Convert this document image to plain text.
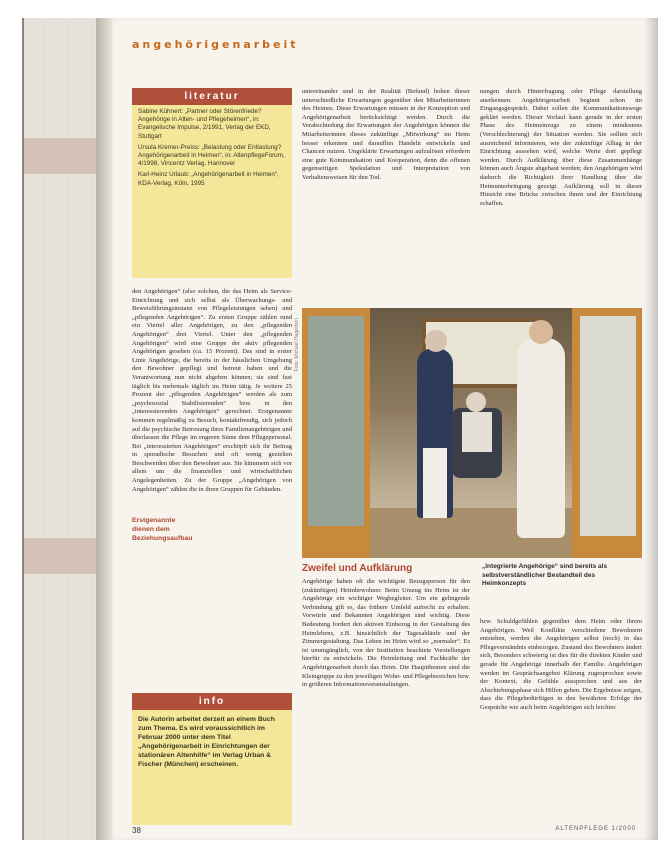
angehörigenarbeit
literatur
Sabine Kühnert: „Partner oder Störenfriede? Angehörige in Alten- und Pflegeheimen“, in: Evangelische Impulse, 2/1991, Verlag der EKD, Stuttgart
Ursula Kremer-Preiss: „Belastung oder Entlastung? Angehörigenarbeit in Heimen“, in: AltenpflegeForum, 4/1998, Vincentz Verlag, Hannover
Karl-Heinz Urlaub: „Angehörigenarbeit in Heimen“, KDA-Verlag, Köln, 1995
den Angehörigen“ (also solchen, die das Heim als Service-Einrichtung und sich selbst als Überwachungs- und Beweisführungsinstanz von Pflegeleistungen sehen) und „pflegenden Angehörigen“. Zu ersten Gruppe zählen rund ein Viertel aller Angehörigen, zu den „pflegenden Angehörigen“ drei Viertel. Unter den „pflegenden Angehörigen“ wird eine Gruppe der aktiv pflegenden Angehörigen gesehen (ca. 15 Prozent). Das sind in erster Linie Angehörige, die bereits in der häuslichen Umgebung den Bewohner gepflegt und betreut haben und die Verantwortung nun nicht abgeben können; sie sind fast täglich bis mehrmals täglich im Heim tätig. Je weitere 25 Prozent der „pflegenden Angehörigen“ werden als zum „psychosozial Stabilisierenden“ bzw. in den „interessierenden Angehörigen“ gerechnet. Erstgenannte kommen regelmäßig zu Besuch, kontaktfreudig, sich jedoch auf die psychische Betreuung ihres Familienangehörigen und überlassen die Pflege im engeren Sinne dem Pflegepersonal. Bei „interessierten Angehörigen“ erschöpft sich ihr Beitrag in sporadische Besuchen und oft wenig gezielten Beschwerden über den Bewohner aus. Sie kümmern sich vor allem um die finanziellen und wirtschaftlichen Angelegenheiten. Zu der Gruppe „Angehörigen von Angehörigen“ zählen die in ihren Gruppen für Gebäuden.
Erstgenannte dienen dem Beziehungsaufbau
untereinander sind in der Realität (Befund) hohen dieser unterschiedliche Erwartungen gegenüber den Mitarbeiterinnen des Heimes. Diese Erwartungen müssen in der Konzeption und Angehörigenarbeit berücksichtigt werden. Durch die Verabschiedung der Erwartungen der Angehörigen können die Mitarbeiterinnen dieses zukünftige „Mitwirkung“ im Heim besser erkennen und daraufhin Handeln entwickeln und Chancen nutzen. Ungeklärte Erwartungen aufzulösen erfordern eine gute Kommunikation und Kooperation, denn die offenen gegenseitigen Spekulation und Interpretation von Verhaltensweisen für den Tod.
nungen durch Hinterfragung oder Pflege darstellung anerkennen. Angehörigenarbeit beginnt schon im Eingangsgespräch. Dabei sollen die Kommunikationswege geklärt werden. Dieser Vorlauf kann gerade in der ersten Phase des Heimeinzugs zu einem mindestens (Verschlechterung) der Situation werden. Sie sollten sich ausreichend informieren, wie der zukünftige Alltag in der Einrichtung aussehen wird, welche Werte dort gepflegt werden. Durch Aufklärung über diese Zusammenhänge können auch Ängste abgebaut werden; den Angehörigen wird dadurch die Richtigkeit ihrer Handlung über die Heimunterbringung gezeigt. Aufklärung soll in dieser Hinsicht eine Brücke zwischen ihnen und der Einrichtung schaffen.
Foto: Michael Hagedorn
Zweifel und Aufklärung	„Integrierte Angehörige“ sind bereits als selbstverständlicher Bestandteil des Heimkonzepts
Angehörige haben oft die wichtigste Bezugsperson für den (zukünftigen) Heimbewohner. Beim Umzug ins Heim ist der Angehörige ein wichtiger Wegbegleiter. Um ein gelingende Verbindung gilt es, das frühere Umfeld aufrecht zu erhalten. Vorwürfe und Bekannten Angehörigen sind wichtig. Diese Bedeutung fordert den aktiven Einbezug in der Gestaltung des Heimlebens, z.B. hinsichtlich der Tagesabläufe und der Zimmergestaltung. Das Leben im Heim wird so „normaler“. Es ist unumgänglich, von der Institution beachtete Vorstellungen hierfür zu entwickeln. Die Heimleitung und Fachkräfte der Angehörigenarbeit durch das Heim. Die Hauptthemen sind die Kleingruppe zu den jeweiligen Wohn- und Pflegebereichen bzw. in größeren Informationsveranstaltungen.
bzw. Schuldgefühlen gegenüber dem Heim oder ihrem Angehörigen. Weil Konflikte verschiedene Bewohnern entstehen, werden die Angehörigen selbst (noch) in das Pflegeverständnis einbezogen. Zustand des Bewohners ändert sich, Besonders schwierig ist dies für die direkten Kinder und gerade für Angehörige innerhalb der Familie. Angehörigen werden im Gesprächsangebot Klärung zugesprochen sowie der Kontext, die Gefühle aussprechen und aus der Abschiebungsphase sich Hilfen geben. Die Ergebnisse zeigen, dass die Pflegebedürftigen in den bewährten Erfolge der Gespräche wie auch beim Angehörigen sich leichter.
info
Die Autorin arbeitet derzeit an einem Buch zum Thema. Es wird voraussichtlich im Februar 2000 unter dem Titel „Angehörigenarbeit in Einrichtungen der stationären Altenhilfe“ im Verlag Urban & Fischer (München) erscheinen.
38	ALTENPFLEGE 1/2000
